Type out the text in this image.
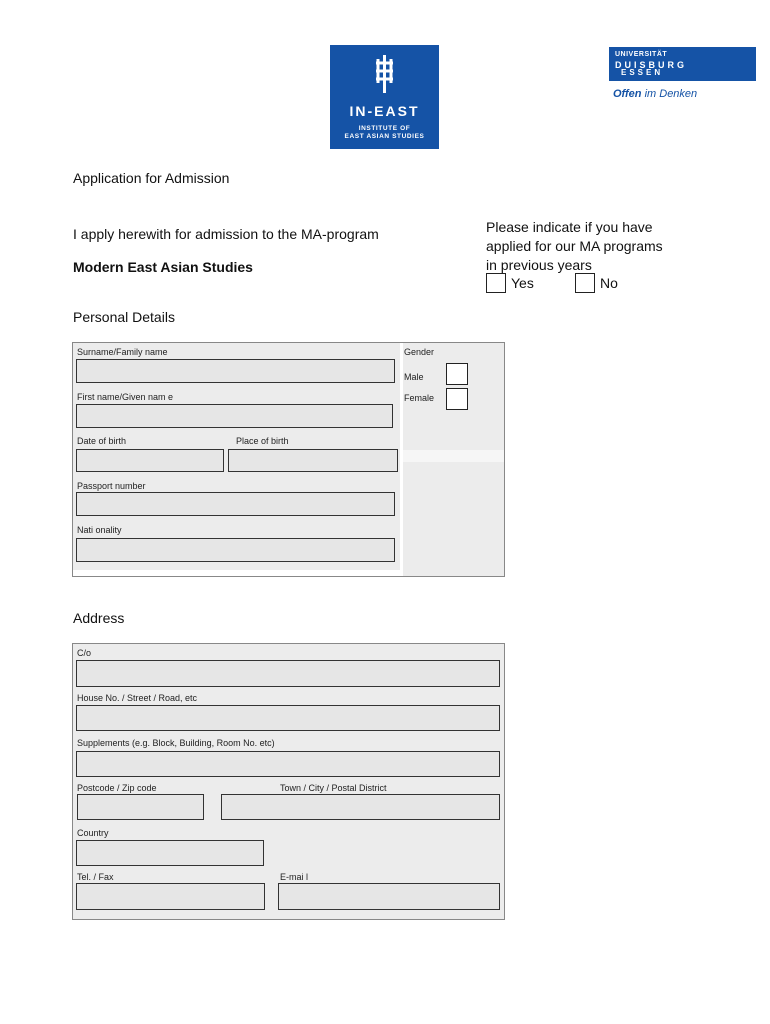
IN-EAST
INSTITUTE OF
EAST ASIAN STUDIES
UNIVERSITÄT
DUISBURG
ESSEN
Offen im Denken
Application for Admission
I apply herewith for admission to the MA-program
Modern East Asian Studies
Please indicate if you have
applied for our MA programs
in previous years
Yes	No
Personal Details
Surname/Family name
First name/Given nam e
Date of birth	Place of birth
Passport number
Nati onality
Gender
Male
Female
Address
C/o
House No. / Street / Road, etc
Supplements (e.g. Block, Building, Room No. etc)
Postcode / Zip code	Town / City / Postal District
Country
Tel. / Fax	E-mai l
